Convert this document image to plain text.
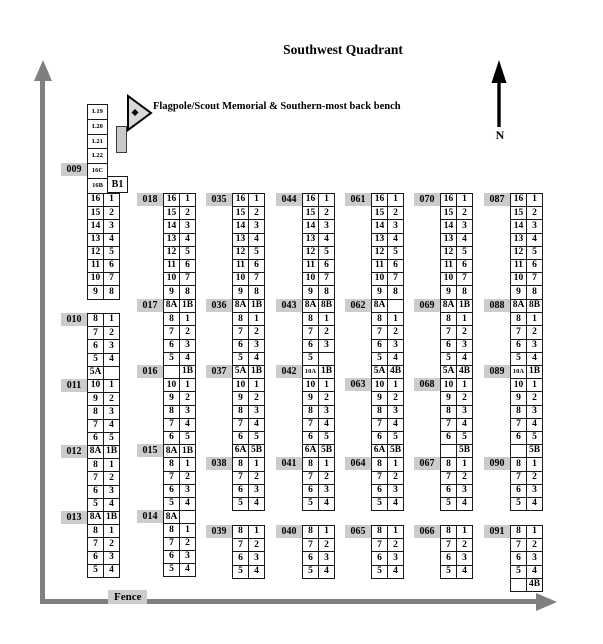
Southwest Quadrant
N
Flagpole/Scout Memorial & Southern-most back bench
Fence
009
16	1
15	2
14	3
13	4
12	5
11	6
10	7
9	8
010	8	1
7	2
6	3
5	4
5A	
011	10	1
9	2
8	3
7	4
6	5
012 8A	1B
8	1
7	2
6	3
5	4
013 8A	1B
8	1
7	2
6	3
5	4
018 16	1
15	2
14	3
13	4
12	5
11	6
10	7
9	8
017 8A	1B
8	1
7	2
6	3
5	4
016
		1B
10	1
9	2
8	3
7	4
6	5
015 8A	1B
8	1
7	2
6	3
5	4
014 8A	
8	1
7	2
6	3
5	4
035 16	1
15	2
14	3
13	4
12	5
11	6
10	7
9	8
036 8A	1B
8	1
7	2
6	3
5	4
037 5A	1B
10	1
9	2
8	3
7	4
6	5
6A	5B
038	8	1
7	2
6	3
5	4
039	8	1
7	2
6	3
5	4
044 16	1
15	2
14	3
13	4
12	5
11	6
10	7
9	8
043 8A	8B
8	1
7	2
6	3
5	
042	10A	1B
10	1
9	2
8	3
7	4
6	5
6A	5B
041	8	1
7	2
6	3
5	4
040	8	1
7	2
6	3
5	4
061 16	1
15	2
14	3
13	4
12	5
11	6
10	7
9	8
062 8A	
8	1
7	2
6	3
5	4
5A	4B
063 10	1
9	2
8	3
7	4
6	5
6A	5B
064	8	1
7	2
6	3
5	4
065	8	1
7	2
6	3
5	4
070 16	1
15	2
14	3
13	4
12	5
11	6
10	7
9	8
069 8A	1B
8	1
7	2
6	3
5	4
5A	4B
068 10	1
9	2
8	3
7	4
6	5
	5B
067	8	1
7	2
6	3
5	4
066	8	1
7	2
6	3
5	4
087 16	1
15	2
14	3
13	4
12	5
11	6
10	7
9	8
088 8A	8B
8	1
7	2
6	3
5	4
089	10A	1B
10	1
9	2
8	3
7	4
6	5
	5B
090	8	1
7	2
6	3
5	4
091	8	1
7	2
6	3
5	4
	4B
L19
L20
L21
L22
16C
16B B1
